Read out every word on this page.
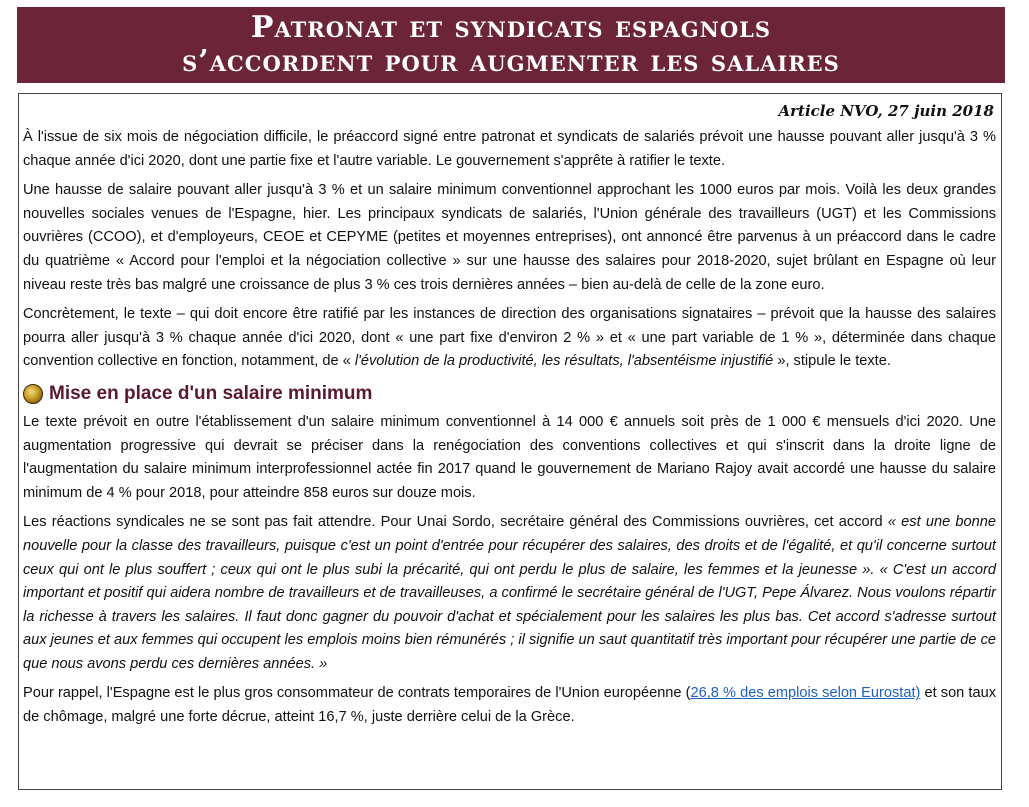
Patronat et syndicats espagnols
s’accordent pour augmenter les salaires
Article NVO, 27 juin 2018

À l'issue de six mois de négociation difficile, le préaccord signé entre patronat et syndicats de salariés prévoit une hausse pouvant aller jusqu'à 3 % chaque année d'ici 2020, dont une partie fixe et l'autre variable. Le gouvernement s'apprête à ratifier le texte.

Une hausse de salaire pouvant aller jusqu'à 3 % et un salaire minimum conventionnel approchant les 1000 euros par mois. Voilà les deux grandes nouvelles sociales venues de l'Espagne, hier. Les principaux syndicats de salariés, l'Union générale des travailleurs (UGT) et les Commissions ouvrières (CCOO), et d'employeurs, CEOE et CEPYME (petites et moyennes entreprises), ont annoncé être parvenus à un préaccord dans le cadre du quatrième « Accord pour l'emploi et la négociation collective » sur une hausse des salaires pour 2018-2020, sujet brûlant en Espagne où leur niveau reste très bas malgré une croissance de plus 3 % ces trois dernières années – bien au-delà de celle de la zone euro.

Concrètement, le texte – qui doit encore être ratifié par les instances de direction des organisations signataires – prévoit que la hausse des salaires pourra aller jusqu'à 3 % chaque année d'ici 2020, dont « une part fixe d'environ 2 % » et « une part variable de 1 % », déterminée dans chaque convention collective en fonction, notamment, de « l'évolution de la productivité, les résultats, l'absentéisme injustifié », stipule le texte.

Mise en place d'un salaire minimum

Le texte prévoit en outre l'établissement d'un salaire minimum conventionnel à 14 000 € annuels soit près de 1 000 € mensuels d'ici 2020. Une augmentation progressive qui devrait se préciser dans la renégociation des conventions collectives et qui s'inscrit dans la droite ligne de l'augmentation du salaire minimum interprofessionnel actée fin 2017 quand le gouvernement de Mariano Rajoy avait accordé une hausse du salaire minimum de 4 % pour 2018, pour atteindre 858 euros sur douze mois.

Les réactions syndicales ne se sont pas fait attendre. Pour Unai Sordo, secrétaire général des Commissions ouvrières, cet accord « est une bonne nouvelle pour la classe des travailleurs, puisque c'est un point d'entrée pour récupérer des salaires, des droits et de l'égalité, et qu'il concerne surtout ceux qui ont le plus souffert ; ceux qui ont le plus subi la précarité, qui ont perdu le plus de salaire, les femmes et la jeunesse ». « C'est un accord important et positif qui aidera nombre de travailleurs et de travailleuses, a confirmé le secrétaire général de l'UGT, Pepe Álvarez. Nous voulons répartir la richesse à travers les salaires. Il faut donc gagner du pouvoir d'achat et spécialement pour les salaires les plus bas. Cet accord s'adresse surtout aux jeunes et aux femmes qui occupent les emplois moins bien rémunérés ; il signifie un saut quantitatif très important pour récupérer une partie de ce que nous avons perdu ces dernières années. »

Pour rappel, l'Espagne est le plus gros consommateur de contrats temporaires de l'Union européenne (26,8 % des emplois selon Eurostat) et son taux de chômage, malgré une forte décrue, atteint 16,7 %, juste derrière celui de la Grèce.
